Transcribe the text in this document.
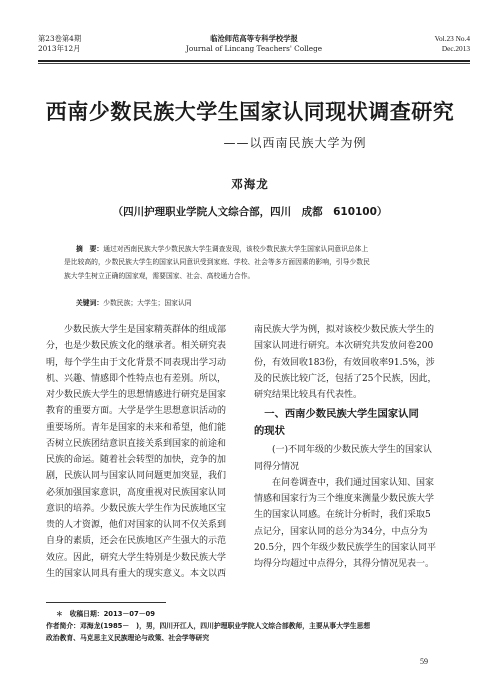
第23卷第4期
2013年12月
临沧师范高等专科学校学报
Journal of Lincang Teachers' College
Vol.23 No.4
Dec.2013
西南少数民族大学生国家认同现状调查研究
——以西南民族大学为例
邓海龙
（四川护理职业学院人文综合部，四川　成都　610100）
摘　要：通过对西南民族大学少数民族大学生调查发现，该校少数民族大学生国家认同意识总体上
是比较高的，少数民族大学生的国家认同意识受到家庭、学校、社会等多方面因素的影响，引导少数民
族大学生树立正确的国家观，需要国家、社会、高校通力合作。
关键词：少数民族；大学生；国家认同

　　少数民族大学生是国家精英群体的组成部

分，也是少数民族文化的继承者。相关研究表

明，每个学生由于文化背景不同表现出学习动

机、兴趣、情感即个性特点也有差别。所以，

对少数民族大学生的思想情感进行研究是国家

教育的重要方面。大学是学生思想意识活动的

重要场所。青年是国家的未来和希望，他们能

否树立民族团结意识直接关系到国家的前途和

民族的命运。随着社会转型的加快，竞争的加

剧，民族认同与国家认同问题更加突显，我们

必须加强国家意识，高度重视对民族国家认同

意识的培养。少数民族大学生作为民族地区宝

贵的人才资源，他们对国家的认同不仅关系到

自身的素质，还会在民族地区产生强大的示范

效应。因此，研究大学生特别是少数民族大学

生的国家认同具有重大的现实意义。本文以西

南民族大学为例，拟对该校少数民族大学生的

国家认同进行研究。本次研究共发放问卷200

份，有效回收183份，有效回收率91.5%，涉

及的民族比较广泛，包括了25个民族，因此，

研究结果比较具有代表性。

　一、西南少数民族大学生国家认同
的现状

　　(一)不同年级的少数民族大学生的国家认

同得分情况

　　在问卷调查中，我们通过国家认知、国家

情感和国家行为三个维度来测量少数民族大学

生的国家认同感。在统计分析时，我们采取5

点记分，国家认同的总分为34分，中点分为

20.5分，四个年级少数民族学生的国家认同平

均得分均超过中点得分，其得分情况见表一。

＊　收稿日期：2013－07－09
作者简介：邓海龙(1985－　)，男，四川开江人，四川护理职业学院人文综合部教师，主要从事大学生思想
政治教育、马克思主义民族理论与政策、社会学等研究
59
